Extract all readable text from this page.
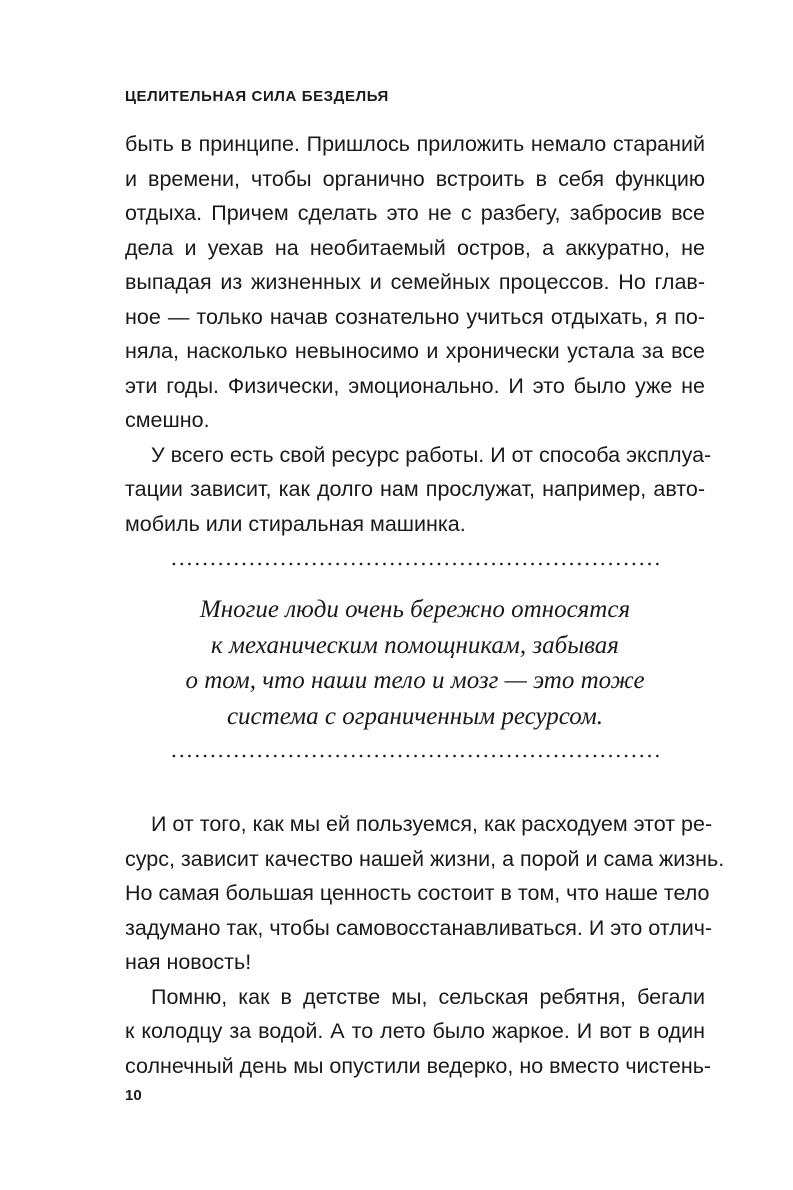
ЦЕЛИТЕЛЬНАЯ СИЛА БЕЗДЕЛЬЯ
быть в принципе. Пришлось приложить немало стараний
и времени, чтобы органично встроить в себя функцию
отдыха. Причем сделать это не с разбегу, забросив все
дела и уехав на необитаемый остров, а аккуратно, не
выпадая из жизненных и семейных процессов. Но глав-
ное — только начав сознательно учиться отдыхать, я по-
няла, насколько невыносимо и хронически устала за все
эти годы. Физически, эмоционально. И это было уже не
смешно.
У всего есть свой ресурс работы. И от способа эксплуа-
тации зависит, как долго нам прослужат, например, авто-
мобиль или стиральная машинка.
Многие люди очень бережно относятся
к механическим помощникам, забывая
о том, что наши тело и мозг — это тоже
система с ограниченным ресурсом.
И от того, как мы ей пользуемся, как расходуем этот ре-
сурс, зависит качество нашей жизни, а порой и сама жизнь.
Но самая большая ценность состоит в том, что наше тело
задумано так, чтобы самовосстанавливаться. И это отлич-
ная новость!
Помню, как в детстве мы, сельская ребятня, бегали
к колодцу за водой. А то лето было жаркое. И вот в один
солнечный день мы опустили ведерко, но вместо чистень-
10
